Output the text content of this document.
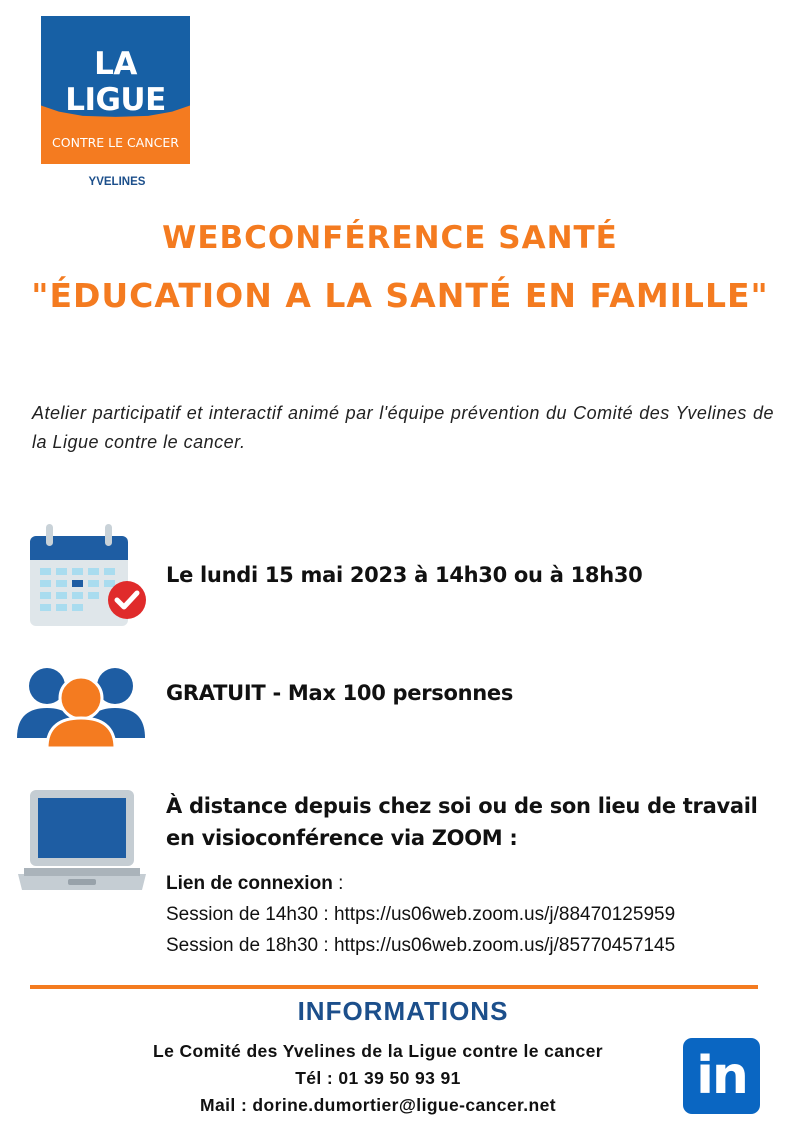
LA LIGUE
CONTRE LE CANCER
YVELINES
WEBCONFÉRENCE SANTÉ
"ÉDUCATION A LA SANTÉ EN FAMILLE"
Atelier participatif et interactif animé par l'équipe prévention du Comité des Yvelines de la Ligue contre le cancer.
Le lundi 15 mai 2023 à 14h30 ou à 18h30
GRATUIT - Max 100 personnes
À distance depuis chez soi ou de son lieu de travail en visioconférence via ZOOM :
Lien de connexion :
Session de 14h30 : https://us06web.zoom.us/j/88470125959
Session de 18h30 : https://us06web.zoom.us/j/85770457145
INFORMATIONS
Le Comité des Yvelines de la Ligue contre le cancer
Tél : 01 39 50 93 91
Mail : dorine.dumortier@ligue-cancer.net	in
